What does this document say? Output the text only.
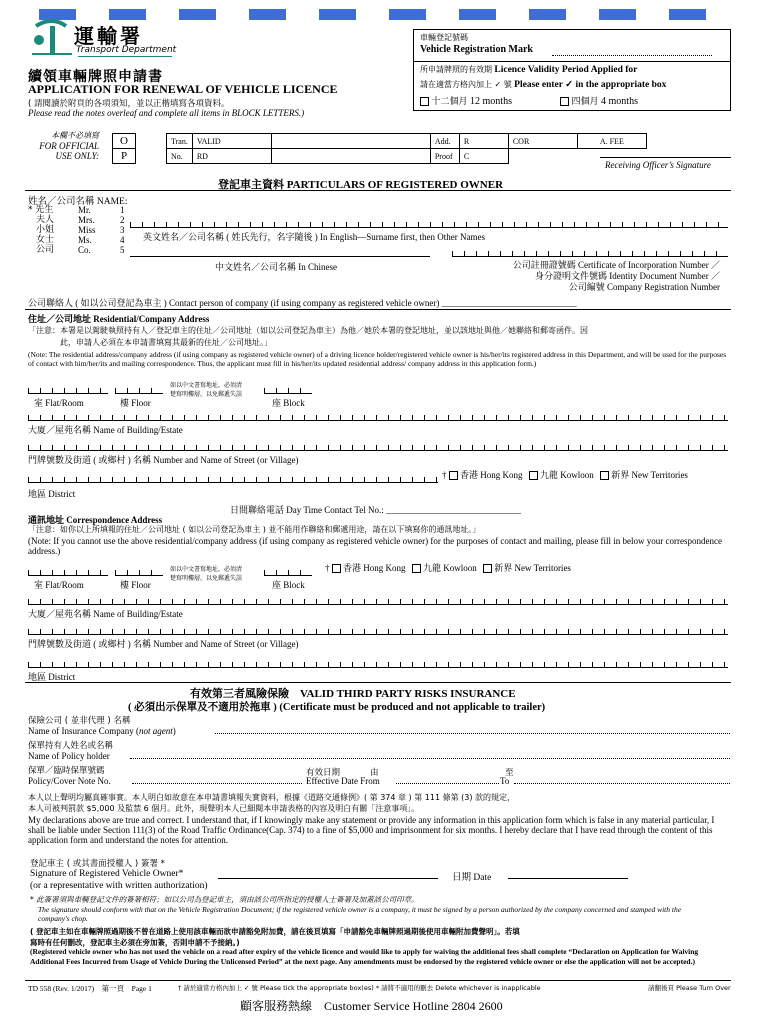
運輸署
Transport Department
車輛登記號碼
Vehicle Registration Mark
所申請牌照的有效期 Licence Validity Period Applied for
請在適當方格內加上 ✓ 號 Please enter ✓ in the appropriate box
十二個月 12 months	四個月 4 months
續領車輛牌照申請書
APPLICATION FOR RENEWAL OF VEHICLE LICENCE
( 請閱讀於附頁的各項須知，並以正楷填寫各項資料。
Please read the notes overleaf and complete all items in BLOCK LETTERS.)
本欄不必填寫
FOR OFFICIAL
USE ONLY:
O		Tran.	VALID		Add.	R	COR	A. FEE
P		No.	RD		Proof	C		
Receiving Officer’s Signature
登記車主資料 PARTICULARS OF REGISTERED OWNER
姓名／公司名稱 NAME:
* 先生	Mr.	1
夫人	Mrs.	2
小姐	Miss	3
女士	Ms.	4
公司	Co.	5
英文姓名／公司名稱 ( 姓氏先行，名字隨後 ) In English—Surname first, then Other Names
中文姓名／公司名稱 In Chinese	公司註冊證號碼 Certificate of Incorporation Number ／
身分證明文件號碼 Identity Document Number ／
公司編號 Company Registration Number
公司聯絡人 ( 如以公司登記為車主 ) Contact person of company (if using company as registered vehicle owner) ______________________________
住址／公司地址 Residential/Company Address
「注意：本署是以駕駛執照持有人／登記車主的住址／公司地址（如以公司登記為車主）為他／她於本署的登記地址，並以該地址與他／她聯絡和郵寄函件。因
此，申請人必須在本申請書填寫其最新的住址／公司地址。」
(Note: The residential address/company address (if using company as registered vehicle owner) of a driving licence holder/registered vehicle owner is his/her/its registered address in this Department, and will be used for the purposes of contact with him/her/its and mailing correspondence. Thus, the applicant must fill in his/her/its updated residential address/ company address in this application form.)
如以中文書寫地址，必須清
楚寫明樓層，以免郵遞失誤
室 Flat/Room	樓 Floor	座 Block
大廈／屋苑名稱 Name of Building/Estate
門牌號數及街道 ( 或鄉村 ) 名稱 Number and Name of Street (or Village)
† 香港 Hong Kong 九龍 Kowloon 新界 New Territories
地區 District
日間聯絡電話 Day Time Contact Tel No.: ______________________________
通訊地址 Correspondence Address
「注意：如你以上所填報的住址／公司地址 ( 如以公司登記為車主 ) 並不能用作聯絡和郵遞用途，請在以下填寫你的通訊地址。」
(Note: If you cannot use the above residential/company address (if using company as registered vehicle owner) for the purposes of contact and mailing, please fill in below your correspondence address.)
如以中文書寫地址，必須清
楚寫明樓層，以免郵遞失誤
† 香港 Hong Kong 九龍 Kowloon 新界 New Territories
室 Flat/Room	樓 Floor	座 Block
大廈／屋苑名稱 Name of Building/Estate
門牌號數及街道 ( 或鄉村 ) 名稱 Number and Name of Street (or Village)
地區 District
有效第三者風險保險　VALID THIRD PARTY RISKS INSURANCE
( 必須出示保單及不適用於拖車 ) (Certificate must be produced and not applicable to trailer)
保險公司 ( 並非代理 ) 名稱
Name of Insurance Company (not agent)
保單持有人姓名或名稱
Name of Policy holder
保單／臨時保單號碼
Policy/Cover Note No.
有效日期	由	至
Effective Date From	To
本人以上聲明均屬真確事實。本人明白如故意在本申請書填報失實資料，根據《道路交通條例》( 第 374 章 ) 第 111 條第 (3) 款的規定，
本人可被判罰款 $5,000 及監禁 6 個月。此外，現聲明本人已細閱本申請表格的內容及明白有關「注意事項」。
My declarations above are true and correct. I understand that, if I knowingly make any statement or provide any information in this application form which is false in any material particular, I shall be liable under Section 111(3) of the Road Traffic Ordinance(Cap. 374) to a fine of $5,000 and imprisonment for six months. I hereby declare that I have read through the content of this application form and understand the notes for attention.
登記車主 ( 或其書面授權人 ) 簽署 *
Signature of Registered Vehicle Owner*
(or a representative with written authorization)
日期 Date
* 此簽署須與車輛登記文件的簽署相符；如以公司為登記車主，須由該公司所指定的授權人士簽署及加蓋該公司印章。
The signature should conform with that on the Vehicle Registration Document; if the registered vehicle owner is a company, it must be signed by a person authorized by the company concerned and stamped with the company's chop.
( 登記車主如在車輛牌照過期後不曾在道路上使用該車輛而欲申請豁免附加費，請在後頁填寫「申請豁免車輛牌照過期後使用車輛附加費聲明」。若填
寫時有任何刪改，登記車主必須在旁加簽，否則申請不予接納。)
(Registered vehicle owner who has not used the vehicle on a road after expiry of the vehicle licence and would like to apply for waiving the additional fees shall complete “Declaration on Application for Waiving Additional Fees Incurred from Usage of Vehicle During the Unlicensed Period” at the next page. Any amendments must be endorsed by the registered vehicle owner or else the application will not be accepted.)
TD 558 (Rev. 1/2017)　第一頁　Page 1	† 請於適當方格內加上 ✓ 號 Please tick the appropriate box(es) * 請將不適用的刪去 Delete whichever is inapplicable	請翻後頁 Please Turn Over
顧客服務熱線　Customer Service Hotline 2804 2600
